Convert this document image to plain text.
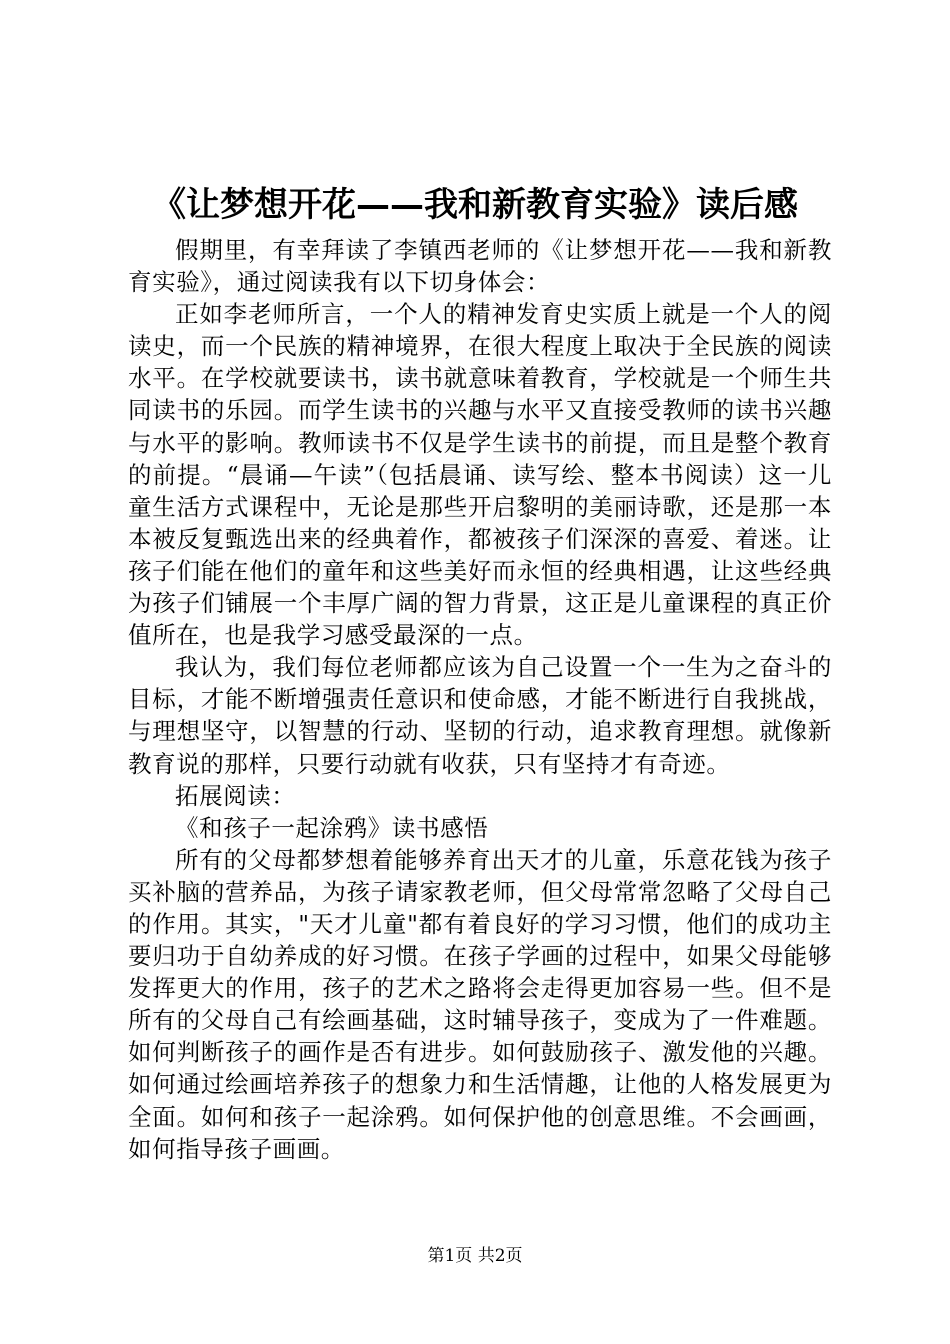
《让梦想开花——我和新教育实验》读后感

假期里，有幸拜读了李镇西老师的《让梦想开花——我和新教育实验》，通过阅读我有以下切身体会：

正如李老师所言，一个人的精神发育史实质上就是一个人的阅读史，而一个民族的精神境界，在很大程度上取决于全民族的阅读水平。在学校就要读书，读书就意味着教育，学校就是一个师生共同读书的乐园。而学生读书的兴趣与水平又直接受教师的读书兴趣与水平的影响。教师读书不仅是学生读书的前提，而且是整个教育的前提。“晨诵—午读”（包括晨诵、读写绘、整本书阅读）这一儿童生活方式课程中，无论是那些开启黎明的美丽诗歌，还是那一本本被反复甄选出来的经典着作，都被孩子们深深的喜爱、着迷。让孩子们能在他们的童年和这些美好而永恒的经典相遇，让这些经典为孩子们铺展一个丰厚广阔的智力背景，这正是儿童课程的真正价值所在，也是我学习感受最深的一点。

我认为，我们每位老师都应该为自己设置一个一生为之奋斗的目标，才能不断增强责任意识和使命感，才能不断进行自我挑战，与理想坚守，以智慧的行动、坚韧的行动，追求教育理想。就像新教育说的那样，只要行动就有收获，只有坚持才有奇迹。

拓展阅读：

《和孩子一起涂鸦》读书感悟

所有的父母都梦想着能够养育出天才的儿童，乐意花钱为孩子买补脑的营养品，为孩子请家教老师，但父母常常忽略了父母自己的作用。其实，"天才儿童"都有着良好的学习习惯，他们的成功主要归功于自幼养成的好习惯。在孩子学画的过程中，如果父母能够发挥更大的作用，孩子的艺术之路将会走得更加容易一些。但不是所有的父母自己有绘画基础，这时辅导孩子，变成为了一件难题。如何判断孩子的画作是否有进步。如何鼓励孩子、激发他的兴趣。如何通过绘画培养孩子的想象力和生活情趣，让他的人格发展更为全面。如何和孩子一起涂鸦。如何保护他的创意思维。不会画画，如何指导孩子画画。

第1页 共2页
